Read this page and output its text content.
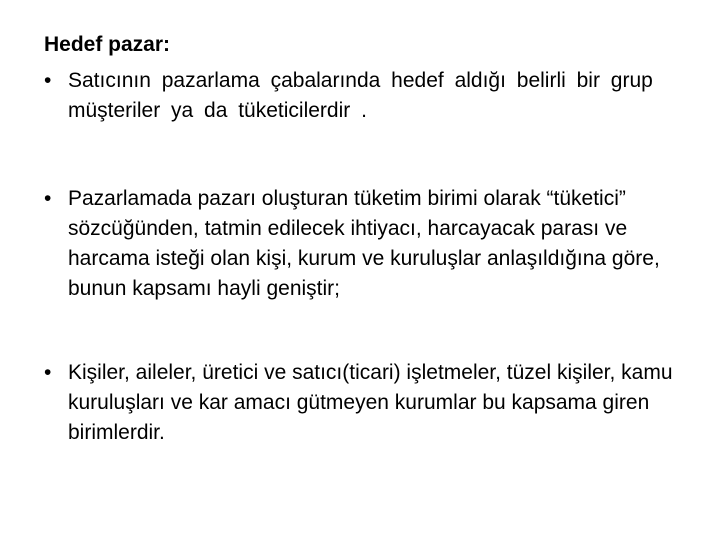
Hedef pazar:
• Satıcının pazarlama çabalarında hedef aldığı belirli bir grup müşteriler ya da tüketicilerdir .
• Pazarlamada pazarı oluşturan tüketim birimi olarak “tüketici” sözcüğünden, tatmin edilecek ihtiyacı, harcayacak parası ve harcama isteği olan kişi, kurum ve kuruluşlar anlaşıldığına göre, bunun kapsamı hayli geniştir;
• Kişiler, aileler, üretici ve satıcı(ticari) işletmeler, tüzel kişiler, kamu kuruluşları ve kar amacı gütmeyen kurumlar bu kapsama giren birimlerdir.
